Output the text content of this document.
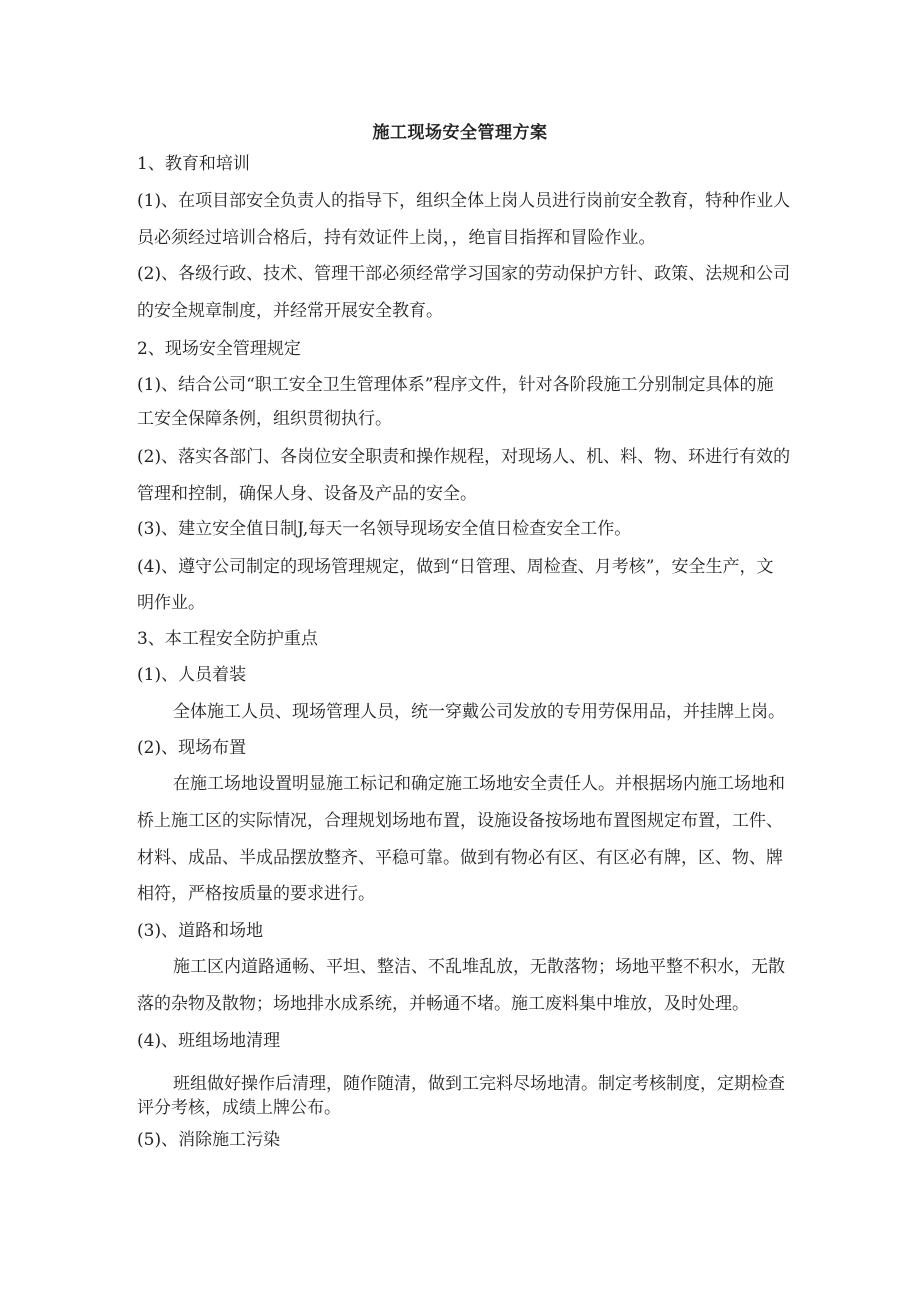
施工现场安全管理方案
1、教育和培训
(1)、在项目部安全负责人的指导下，组织全体上岗人员进行岗前安全教育，特种作业人
员必须经过培训合格后，持有效证件上岗，，绝盲目指挥和冒险作业。
(2)、各级行政、技术、管理干部必须经常学习国家的劳动保护方针、政策、法规和公司
的安全规章制度，并经常开展安全教育。
2、现场安全管理规定
(1)、结合公司“职工安全卫生管理体系”程序文件，针对各阶段施工分别制定具体的施
工安全保障条例，组织贯彻执行。
(2)、落实各部门、各岗位安全职责和操作规程，对现场人、机、料、物、环进行有效的
管理和控制，确保人身、设备及产品的安全。
(3)、建立安全值日制J,每天一名领导现场安全值日检查安全工作。
(4)、遵守公司制定的现场管理规定，做到“日管理、周检查、月考核”，安全生产，文
明作业。
3、本工程安全防护重点
(1)、人员着装
全体施工人员、现场管理人员，统一穿戴公司发放的专用劳保用品，并挂牌上岗。
(2)、现场布置
在施工场地设置明显施工标记和确定施工场地安全责任人。并根据场内施工场地和
桥上施工区的实际情况，合理规划场地布置，设施设备按场地布置图规定布置，工件、
材料、成品、半成品摆放整齐、平稳可靠。做到有物必有区、有区必有牌，区、物、牌
相符，严格按质量的要求进行。
(3)、道路和场地
施工区内道路通畅、平坦、整洁、不乱堆乱放，无散落物；场地平整不积水，无散
落的杂物及散物；场地排水成系统，并畅通不堵。施工废料集中堆放，及时处理。
(4)、班组场地清理
班组做好操作后清理，随作随清，做到工完料尽场地清。制定考核制度，定期检查
评分考核，成绩上牌公布。
(5)、消除施工污染
